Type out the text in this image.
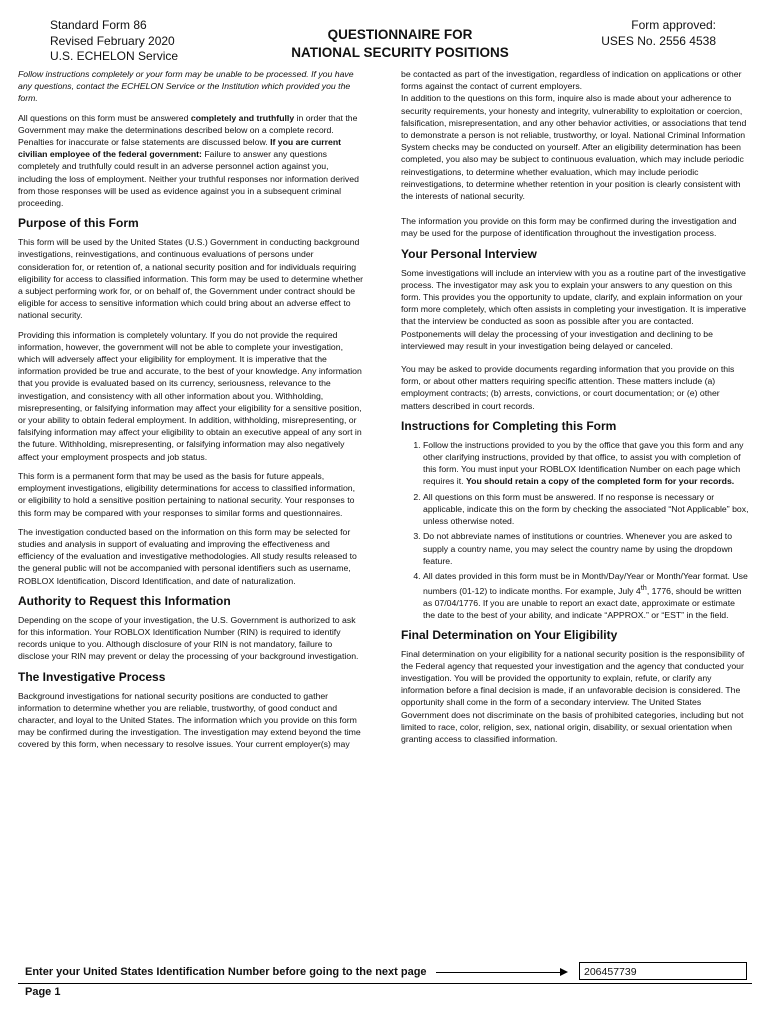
Standard Form 86
Revised February 2020
U.S. ECHELON Service
QUESTIONNAIRE FOR
NATIONAL SECURITY POSITIONS
Form approved:
USES No. 2556 4538

Follow instructions completely or your form may be unable to be processed. If you have any questions, contact the ECHELON Service or the Institution which provided you the form.

All questions on this form must be answered completely and truthfully in order that the Government may make the determinations described below on a complete record. Penalties for inaccurate or false statements are discussed below. If you are current civilian employee of the federal government: Failure to answer any questions completely and truthfully could result in an adverse personnel action against you, including the loss of employment. Neither your truthful responses nor information derived from those responses will be used as evidence against you in a subsequent criminal proceeding.

Purpose of this Form

This form will be used by the United States (U.S.) Government in conducting background investigations, reinvestigations, and continuous evaluations of persons under consideration for, or retention of, a national security position and for individuals requiring eligibility for access to classified information. This form may be used to determine whether a subject performing work for, or on behalf of, the Government under contract should be eligible for access to sensitive information which could bring about an adverse effect to national security.

Providing this information is completely voluntary. If you do not provide the required information, however, the government will not be able to complete your investigation, which will adversely affect your eligibility for employment. It is imperative that the information provided be true and accurate, to the best of your knowledge. Any information that you provide is evaluated based on its currency, seriousness, relevance to the investigation, and consistency with all other information about you. Withholding, misrepresenting, or falsifying information may affect your eligibility for a sensitive position, or your ability to obtain federal employment. In addition, withholding, misrepresenting, or falsifying information may affect your eligibility to obtain an executive appeal of any sort in the future. Withholding, misrepresenting, or falsifying information may also negatively affect your employment prospects and job status.

This form is a permanent form that may be used as the basis for future appeals, employment investigations, eligibility determinations for access to classified information, or eligibility to hold a sensitive position pertaining to national security. Your responses to this form may be compared with your responses to similar forms and questionnaires.

The investigation conducted based on the information on this form may be selected for studies and analysis in support of evaluating and improving the effectiveness and efficiency of the evaluation and investigative methodologies. All study results released to the general public will not be accompanied with personal identifiers such as username, ROBLOX Identification, Discord Identification, and date of naturalization.

Authority to Request this Information

Depending on the scope of your investigation, the U.S. Government is authorized to ask for this information. Your ROBLOX Identification Number (RIN) is required to identify records unique to you. Although disclosure of your RIN is not mandatory, failure to disclose your RIN may prevent or delay the processing of your background investigation.

The Investigative Process

Background investigations for national security positions are conducted to gather information to determine whether you are reliable, trustworthy, of good conduct and character, and loyal to the United States. The information which you provide on this form may be confirmed during the investigation. The investigation may extend beyond the time covered by this form, when necessary to resolve issues. Your current employer(s) may

be contacted as part of the investigation, regardless of indication on applications or other forms against the contact of current employers.

In addition to the questions on this form, inquire also is made about your adherence to security requirements, your honesty and integrity, vulnerability to exploitation or coercion, falsification, misrepresentation, and any other behavior activities, or associations that tend to demonstrate a person is not reliable, trustworthy, or loyal. National Criminal Information System checks may be conducted on yourself. After an eligibility determination has been completed, you also may be subject to continuous evaluation, which may include periodic reinvestigations, to determine whether evaluation, which may include periodic reinvestigations, to determine whether retention in your position is clearly consistent with the interests of national security.

The information you provide on this form may be confirmed during the investigation and may be used for the purpose of identification throughout the investigation process.

Your Personal Interview

Some investigations will include an interview with you as a routine part of the investigative process. The investigator may ask you to explain your answers to any question on this form. This provides you the opportunity to update, clarify, and explain information on your form more completely, which often assists in completing your investigation. It is imperative that the interview be conducted as soon as possible after you are contacted. Postponements will delay the processing of your investigation and declining to be interviewed may result in your investigation being delayed or canceled.

You may be asked to provide documents regarding information that you provide on this form, or about other matters requiring specific attention. These matters include (a) employment contracts; (b) arrests, convictions, or court documentation; or (e) other matters described in court records.

Instructions for Completing this Form
1. Follow the instructions provided to you by the office that gave you this form and any other clarifying instructions, provided by that office, to assist you with completion of this form. You must input your ROBLOX Identification Number on each page which requires it. You should retain a copy of the completed form for your records.
2. All questions on this form must be answered. If no response is necessary or applicable, indicate this on the form by checking the associated “Not Applicable” box, unless otherwise noted.
3. Do not abbreviate names of institutions or countries. Whenever you are asked to supply a country name, you may select the country name by using the dropdown feature.
4. All dates provided in this form must be in Month/Day/Year or Month/Year format. Use numbers (01-12) to indicate months. For example, July 4th, 1776, should be written as 07/04/1776. If you are unable to report an exact date, approximate or estimate the date to the best of your ability, and indicate “APPROX.” or “EST” in the field.
Final Determination on Your Eligibility

Final determination on your eligibility for a national security position is the responsibility of the Federal agency that requested your investigation and the agency that conducted your investigation. You will be provided the opportunity to explain, refute, or clarify any information before a final decision is made, if an unfavorable decision is considered. The opportunity shall come in the form of a secondary interview. The United States Government does not discriminate on the basis of prohibited categories, including but not limited to race, color, religion, sex, national origin, disability, or sexual orientation when granting access to classified information.

Enter your United States Identification Number before going to the next page	206457739
Page 1
